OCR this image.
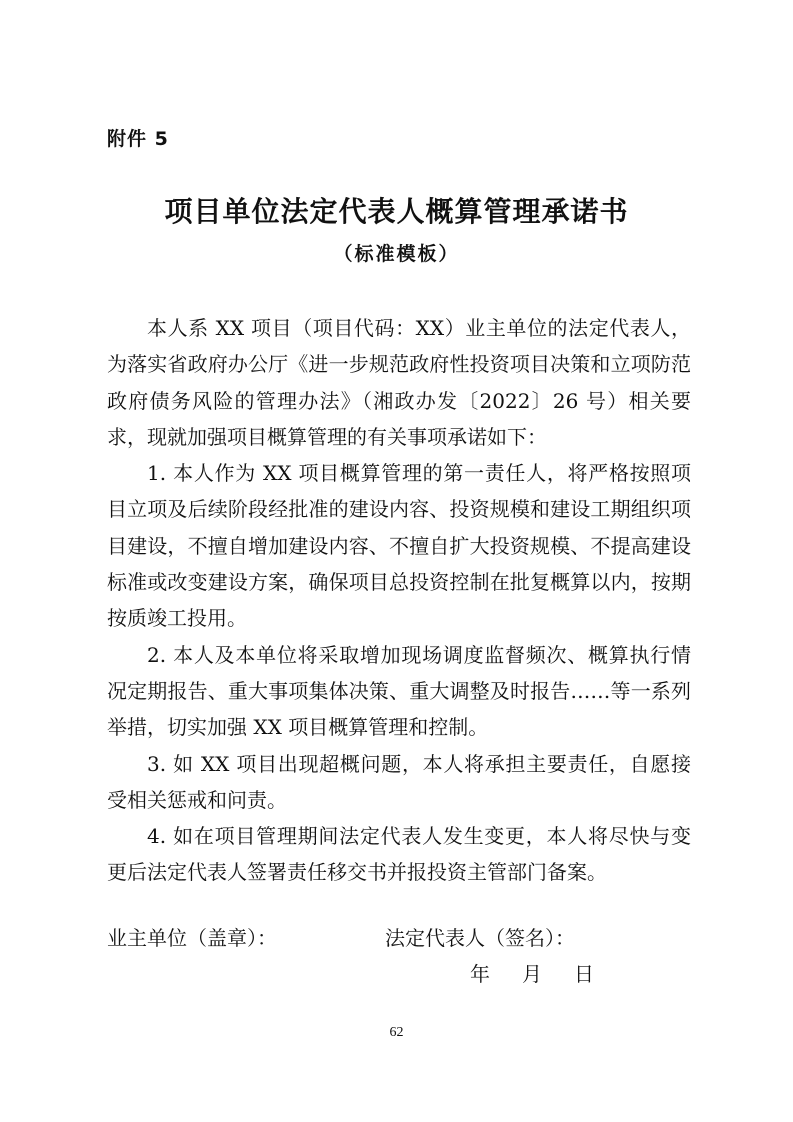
附件 5
项目单位法定代表人概算管理承诺书
（标准模板）

本人系 XX 项目（项目代码：XX）业主单位的法定代表人，为落实省政府办公厅《进一步规范政府性投资项目决策和立项防范政府债务风险的管理办法》（湘政办发〔2022〕26 号）相关要求，现就加强项目概算管理的有关事项承诺如下：

1. 本人作为 XX 项目概算管理的第一责任人，将严格按照项目立项及后续阶段经批准的建设内容、投资规模和建设工期组织项目建设，不擅自增加建设内容、不擅自扩大投资规模、不提高建设标准或改变建设方案，确保项目总投资控制在批复概算以内，按期按质竣工投用。

2. 本人及本单位将采取增加现场调度监督频次、概算执行情况定期报告、重大事项集体决策、重大调整及时报告……等一系列举措，切实加强 XX 项目概算管理和控制。

3. 如 XX 项目出现超概问题，本人将承担主要责任，自愿接受相关惩戒和问责。

4. 如在项目管理期间法定代表人发生变更，本人将尽快与变更后法定代表人签署责任移交书并报投资主管部门备案。

业主单位（盖章）：	法定代表人（签名）：
年 月 日
62
